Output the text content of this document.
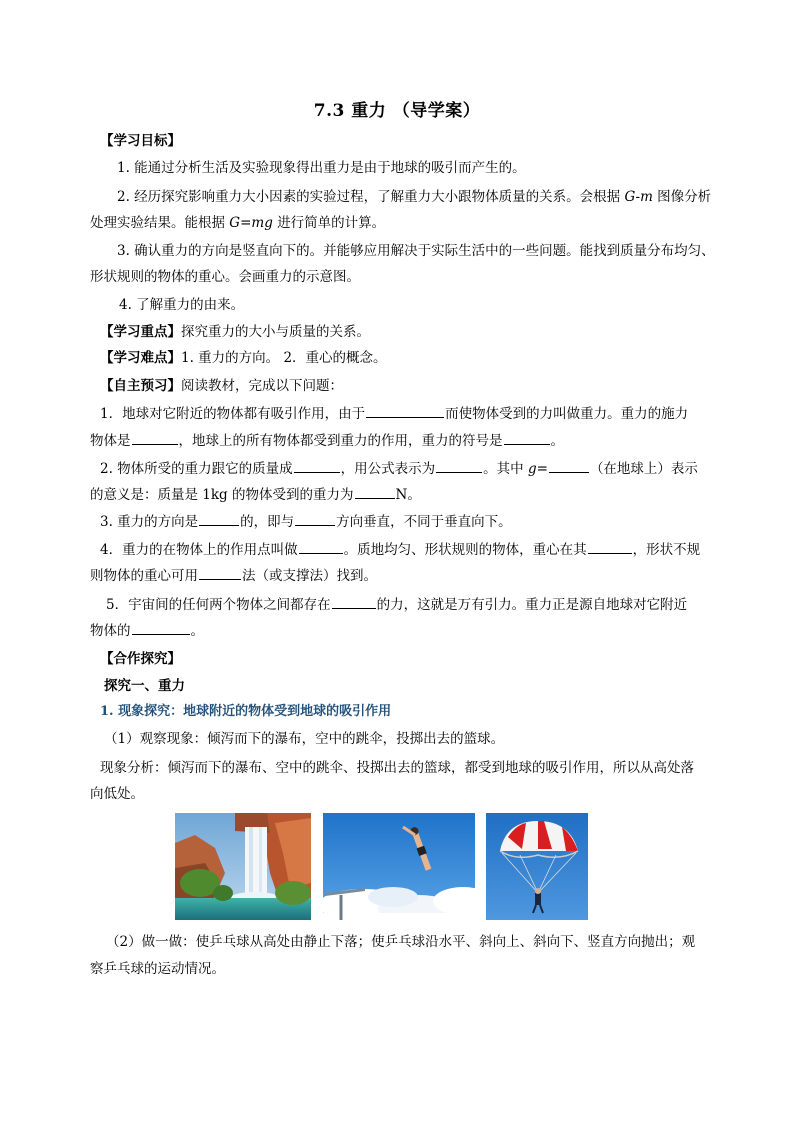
7.3 重力 （导学案）
【学习目标】
1. 能通过分析生活及实验现象得出重力是由于地球的吸引而产生的。
2. 经历探究影响重力大小因素的实验过程，了解重力大小跟物体质量的关系。会根据 G-m 图像分析
处理实验结果。能根据 G=mg 进行简单的计算。
3. 确认重力的方向是竖直向下的。并能够应用解决于实际生活中的一些问题。能找到质量分布均匀、
形状规则的物体的重心。会画重力的示意图。
4. 了解重力的由来。
【学习重点】探究重力的大小与质量的关系。
【学习难点】1. 重力的方向。 2．重心的概念。
【自主预习】阅读教材，完成以下问题：
1．地球对它附近的物体都有吸引作用，由于	而使物体受到的力叫做重力。重力的施力
物体是	，地球上的所有物体都受到重力的作用，重力的符号是	。
2. 物体所受的重力跟它的质量成	，用公式表示为	。其中 g=	（在地球上）表示
的意义是：质量是 1kg 的物体受到的重力为	N。
3. 重力的方向是	的，即与	方向垂直，不同于垂直向下。
4．重力的在物体上的作用点叫做	。质地均匀、形状规则的物体，重心在其	，形状不规
则物体的重心可用	法（或支撑法）找到。
5．宇宙间的任何两个物体之间都存在	的力，这就是万有引力。重力正是源自地球对它附近
物体的	。
【合作探究】
探究一、重力
1. 现象探究：地球附近的物体受到地球的吸引作用
（1）观察现象：倾泻而下的瀑布，空中的跳伞，投掷出去的篮球。
现象分析：倾泻而下的瀑布、空中的跳伞、投掷出去的篮球，都受到地球的吸引作用，所以从高处落
向低处。
（2）做一做：使乒乓球从高处由静止下落；使乒乓球沿水平、斜向上、斜向下、竖直方向抛出；观
察乒乓球的运动情况。
